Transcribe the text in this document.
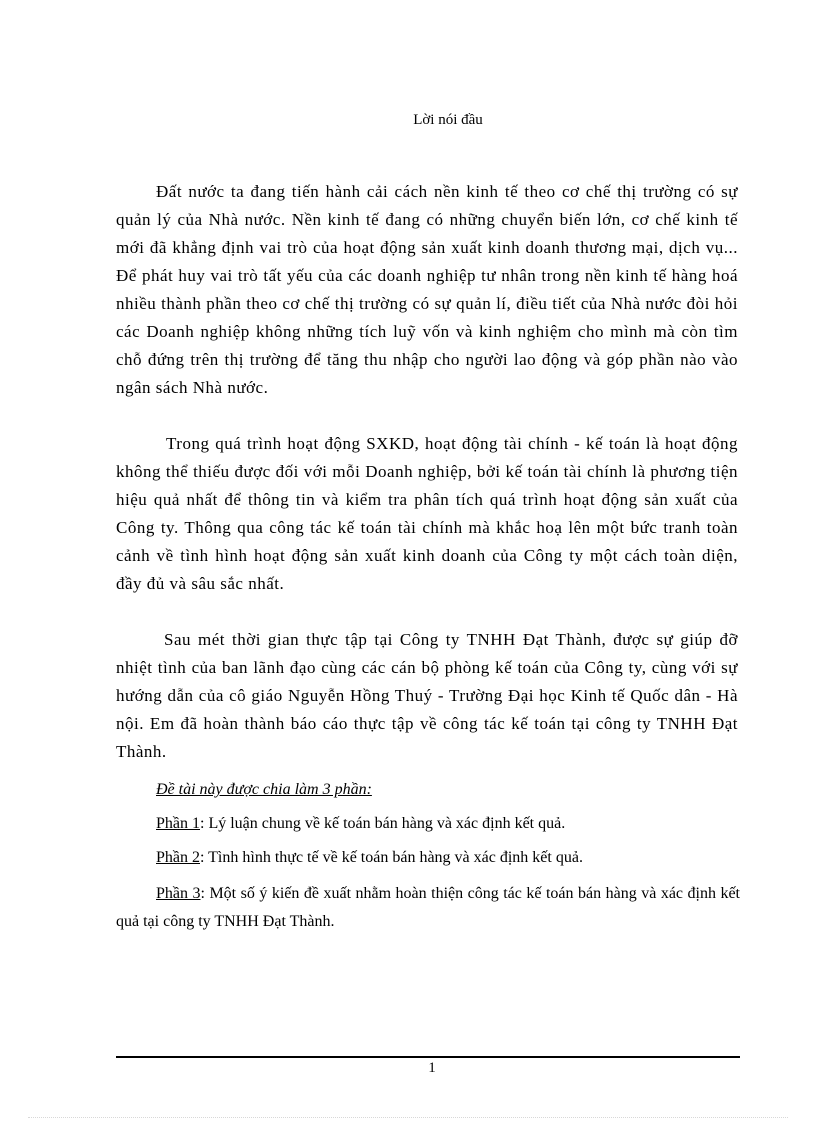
Lời nói đầu

Đất nước ta đang tiến hành cải cách nền kinh tế theo cơ chế thị trường có sự quản lý của Nhà nước. Nền kinh tế đang có những chuyển biến lớn, cơ chế kinh tế mới đã khẳng định vai trò của hoạt động sản xuất kinh doanh thương mại, dịch vụ... Để phát huy vai trò tất yếu của các doanh nghiệp tư nhân trong nền kinh tế hàng hoá nhiều thành phần theo cơ chế thị trường có sự quản lí, điều tiết của Nhà nước đòi hỏi các Doanh nghiệp không những tích luỹ vốn và kinh nghiệm cho mình mà còn tìm chỗ đứng trên thị trường để tăng thu nhập cho người lao động và góp phần nào vào ngân sách Nhà nước.

Trong quá trình hoạt động SXKD, hoạt động tài chính - kế toán là hoạt động không thể thiếu được đối với mỗi Doanh nghiệp, bởi kế toán tài chính là phương tiện hiệu quả nhất để thông tin và kiểm tra phân tích quá trình hoạt động sản xuất của Công ty. Thông qua công tác kế toán tài chính mà khắc hoạ lên một bức tranh toàn cảnh về tình hình hoạt động sản xuất kinh doanh của Công ty một cách toàn diện, đầy đủ và sâu sắc nhất.

Sau mét thời gian thực tập tại Công ty TNHH Đạt Thành, được sự giúp đỡ nhiệt tình của ban lãnh đạo cùng các cán bộ phòng kế toán của Công ty, cùng với sự hướng dẫn của cô giáo Nguyễn Hồng Thuý - Trường Đại học Kinh tế Quốc dân - Hà nội. Em đã hoàn thành báo cáo thực tập về công tác kế toán tại công ty TNHH Đạt Thành.

Đề tài này được chia làm 3 phần:

Phần 1: Lý luận chung về kế toán bán hàng và xác định kết quả.

Phần 2: Tình hình thực tế về kế toán bán hàng và xác định kết quả.

Phần 3: Một số ý kiến đề xuất nhằm hoàn thiện công tác kế toán bán hàng và xác định kết quả tại công ty TNHH Đạt Thành.

1
